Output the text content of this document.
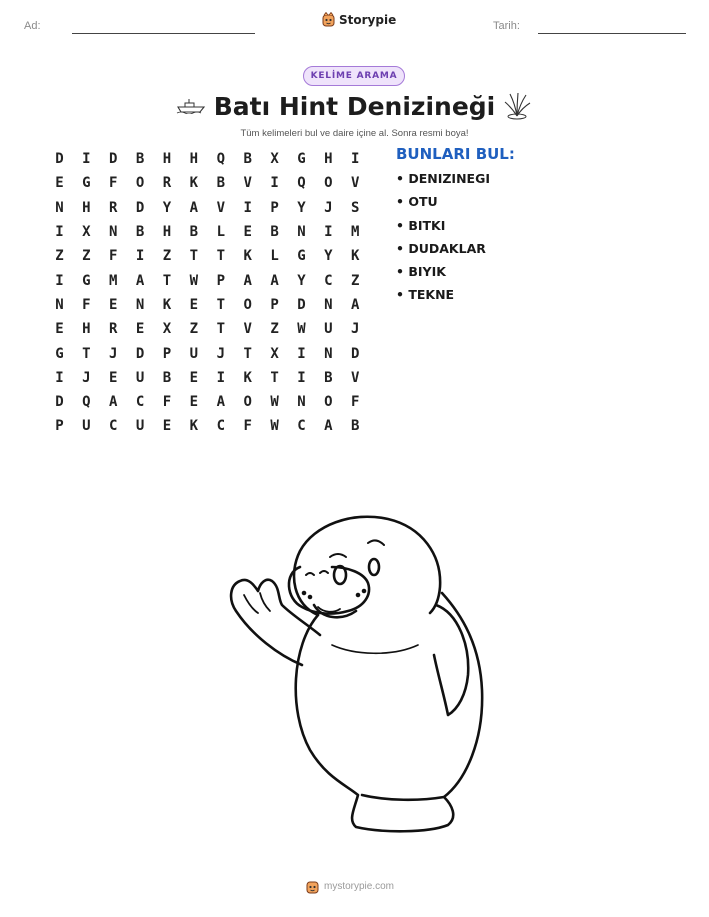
Ad:	Storypie	Tarih:
KELİME ARAMA
Batı Hint Denizineği
Tüm kelimeleri bul ve daire içine al. Sonra resmi boya!
D	I	D	B	H	H	Q	B	X	G	H	I
E	G	F	O	R	K	B	V	I	Q	O	V
N	H	R	D	Y	A	V	I	P	Y	J	S
I	X	N	B	H	B	L	E	B	N	I	M
Z	Z	F	I	Z	T	T	K	L	G	Y	K
I	G	M	A	T	W	P	A	A	Y	C	Z
N	F	E	N	K	E	T	O	P	D	N	A
E	H	R	E	X	Z	T	V	Z	W	U	J
G	T	J	D	P	U	J	T	X	I	N	D
I	J	E	U	B	E	I	K	T	I	B	V
D	Q	A	C	F	E	A	O	W	N	O	F
P	U	C	U	E	K	C	F	W	C	A	B
BUNLARI BUL:
• DENIZINEGI
• OTU
• BITKI
• DUDAKLAR
• BIYIK
• TEKNE
mystorypie.com
